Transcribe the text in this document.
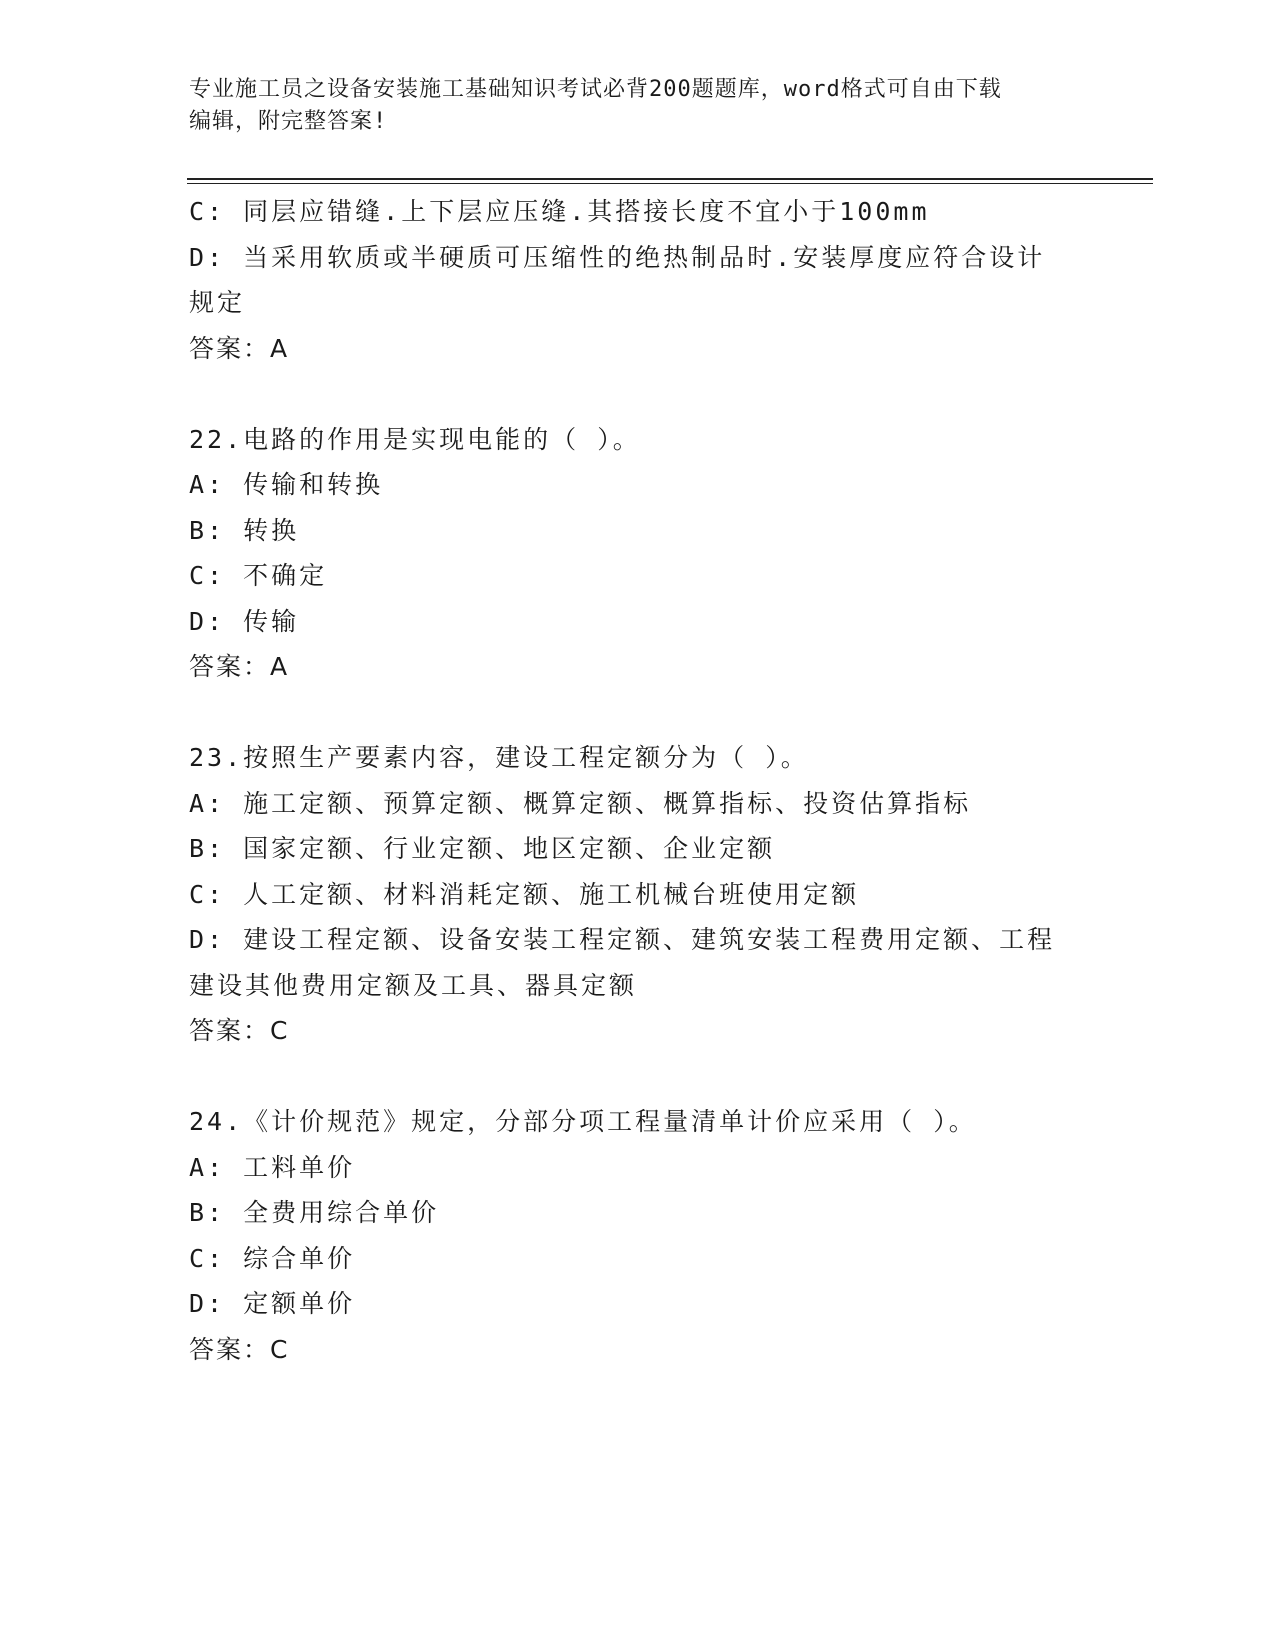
专业施工员之设备安装施工基础知识考试必背200题题库，word格式可自由下载
编辑，附完整答案!

C: 同层应错缝.上下层应压缝.其搭接长度不宜小于100mm

D: 当采用软质或半硬质可压缩性的绝热制品时.安装厚度应符合设计

规定

答案：A

22.电路的作用是实现电能的（ ）。

A: 传输和转换

B: 转换

C: 不确定

D: 传输

答案：A

23.按照生产要素内容，建设工程定额分为（ ）。

A: 施工定额、预算定额、概算定额、概算指标、投资估算指标

B: 国家定额、行业定额、地区定额、企业定额

C: 人工定额、材料消耗定额、施工机械台班使用定额

D: 建设工程定额、设备安装工程定额、建筑安装工程费用定额、工程

建设其他费用定额及工具、器具定额

答案：C

24.《计价规范》规定，分部分项工程量清单计价应采用（ ）。

A: 工料单价

B: 全费用综合单价

C: 综合单价

D: 定额单价

答案：C
